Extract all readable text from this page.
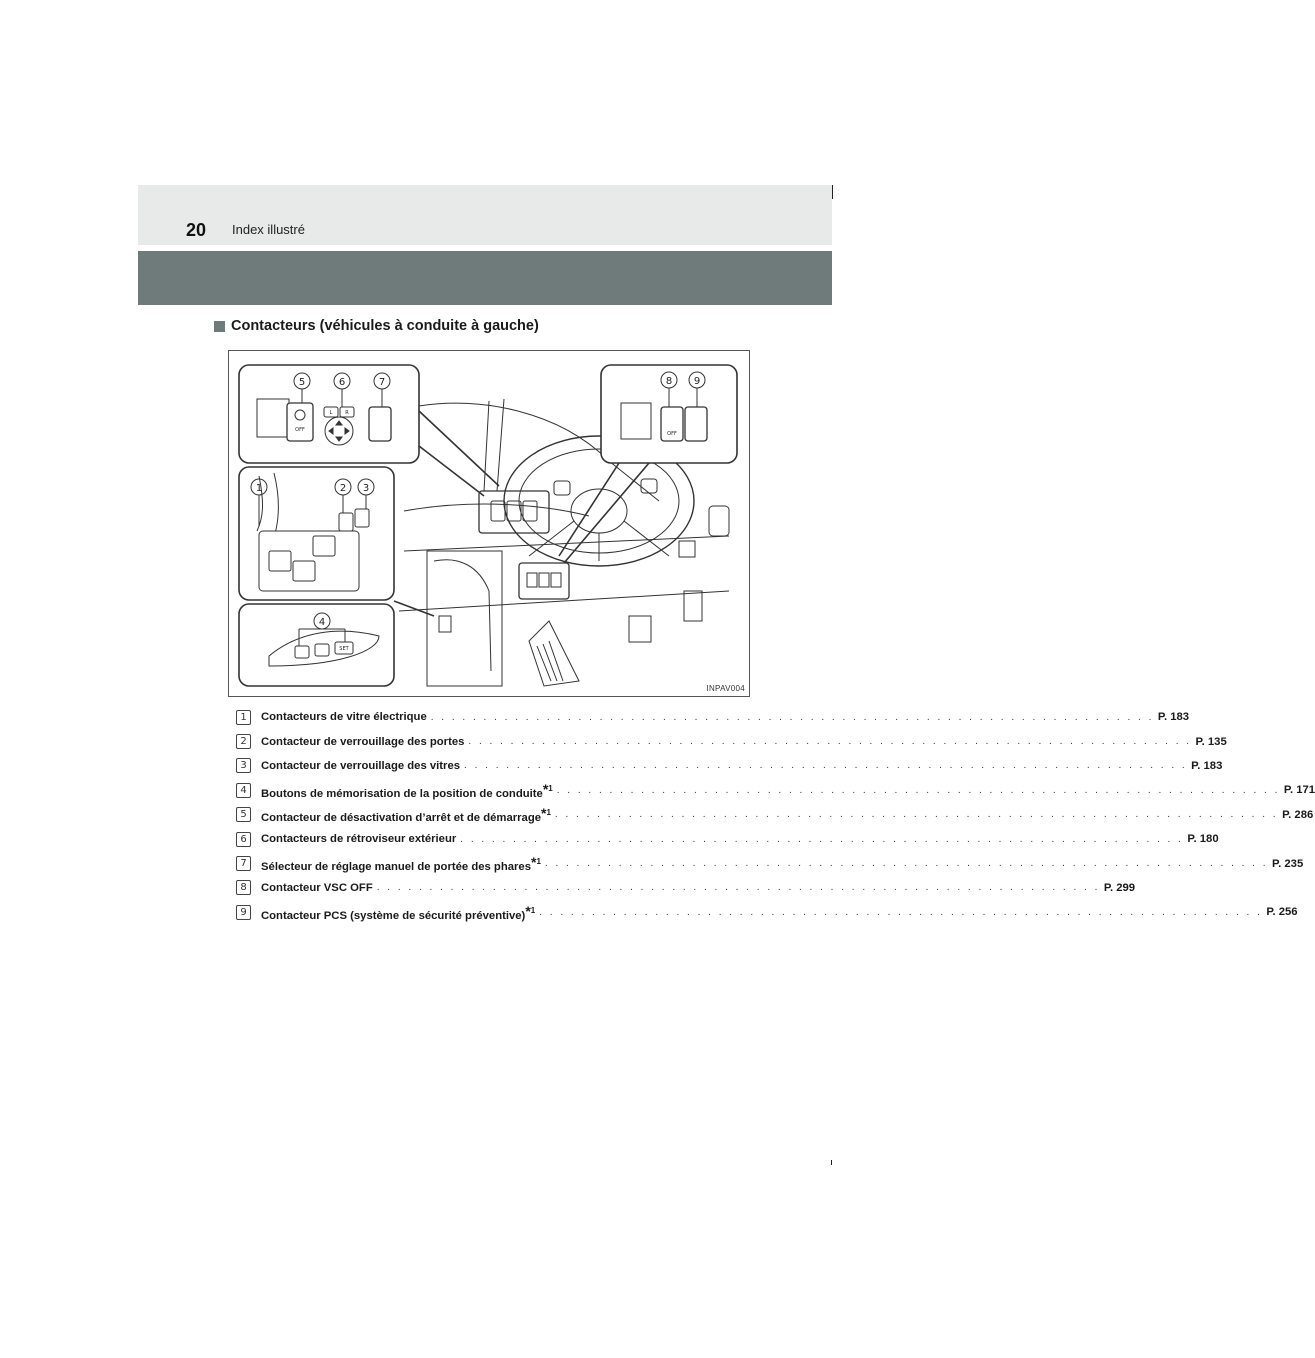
20 Index illustré
Contacteurs (véhicules à conduite à gauche)
5	6	7	8 9
1	2 3
4
OFF
L	R
OFF
SET
INPAV004
1	Contacteurs de vitre électrique . . . . . . . . . . . . . . . . . . . . . . . . . . . . . . . . . . . . . . . . . . . . . . . . . . . . . . . . . . . . . . . . . . . . . P. 183
2	Contacteur de verrouillage des portes . . . . . . . . . . . . . . . . . . . . . . . . . . . . . . . . . . . . . . . . . . . . . . . . . . . . . . . . . . . . . . . . . . . . . P. 135
3	Contacteur de verrouillage des vitres . . . . . . . . . . . . . . . . . . . . . . . . . . . . . . . . . . . . . . . . . . . . . . . . . . . . . . . . . . . . . . . . . . . . . P. 183
4	Boutons de mémorisation de la position de conduite$^{*1}$ . . . . . . . . . . . . . . . . . . . . . . . . . . . . . . . . . . . . . . . . . . . . . . . . . . . . . . . . . . . . . . . . . . . . . P. 171
5	Contacteur de désactivation d’arrêt et de démarrage$^{*1}$ . . . . . . . . . . . . . . . . . . . . . . . . . . . . . . . . . . . . . . . . . . . . . . . . . . . . . . . . . . . . . . . . . . . . . P. 286
6	Contacteurs de rétroviseur extérieur . . . . . . . . . . . . . . . . . . . . . . . . . . . . . . . . . . . . . . . . . . . . . . . . . . . . . . . . . . . . . . . . . . . . . P. 180
7	Sélecteur de réglage manuel de portée des phares$^{*1}$ . . . . . . . . . . . . . . . . . . . . . . . . . . . . . . . . . . . . . . . . . . . . . . . . . . . . . . . . . . . . . . . . . . . . . P. 235
8	Contacteur VSC OFF . . . . . . . . . . . . . . . . . . . . . . . . . . . . . . . . . . . . . . . . . . . . . . . . . . . . . . . . . . . . . . . . . . . . . P. 299
9	Contacteur PCS (système de sécurité préventive)$^{*1}$ . . . . . . . . . . . . . . . . . . . . . . . . . . . . . . . . . . . . . . . . . . . . . . . . . . . . . . . . . . . . . . . . . . . . . P. 256
